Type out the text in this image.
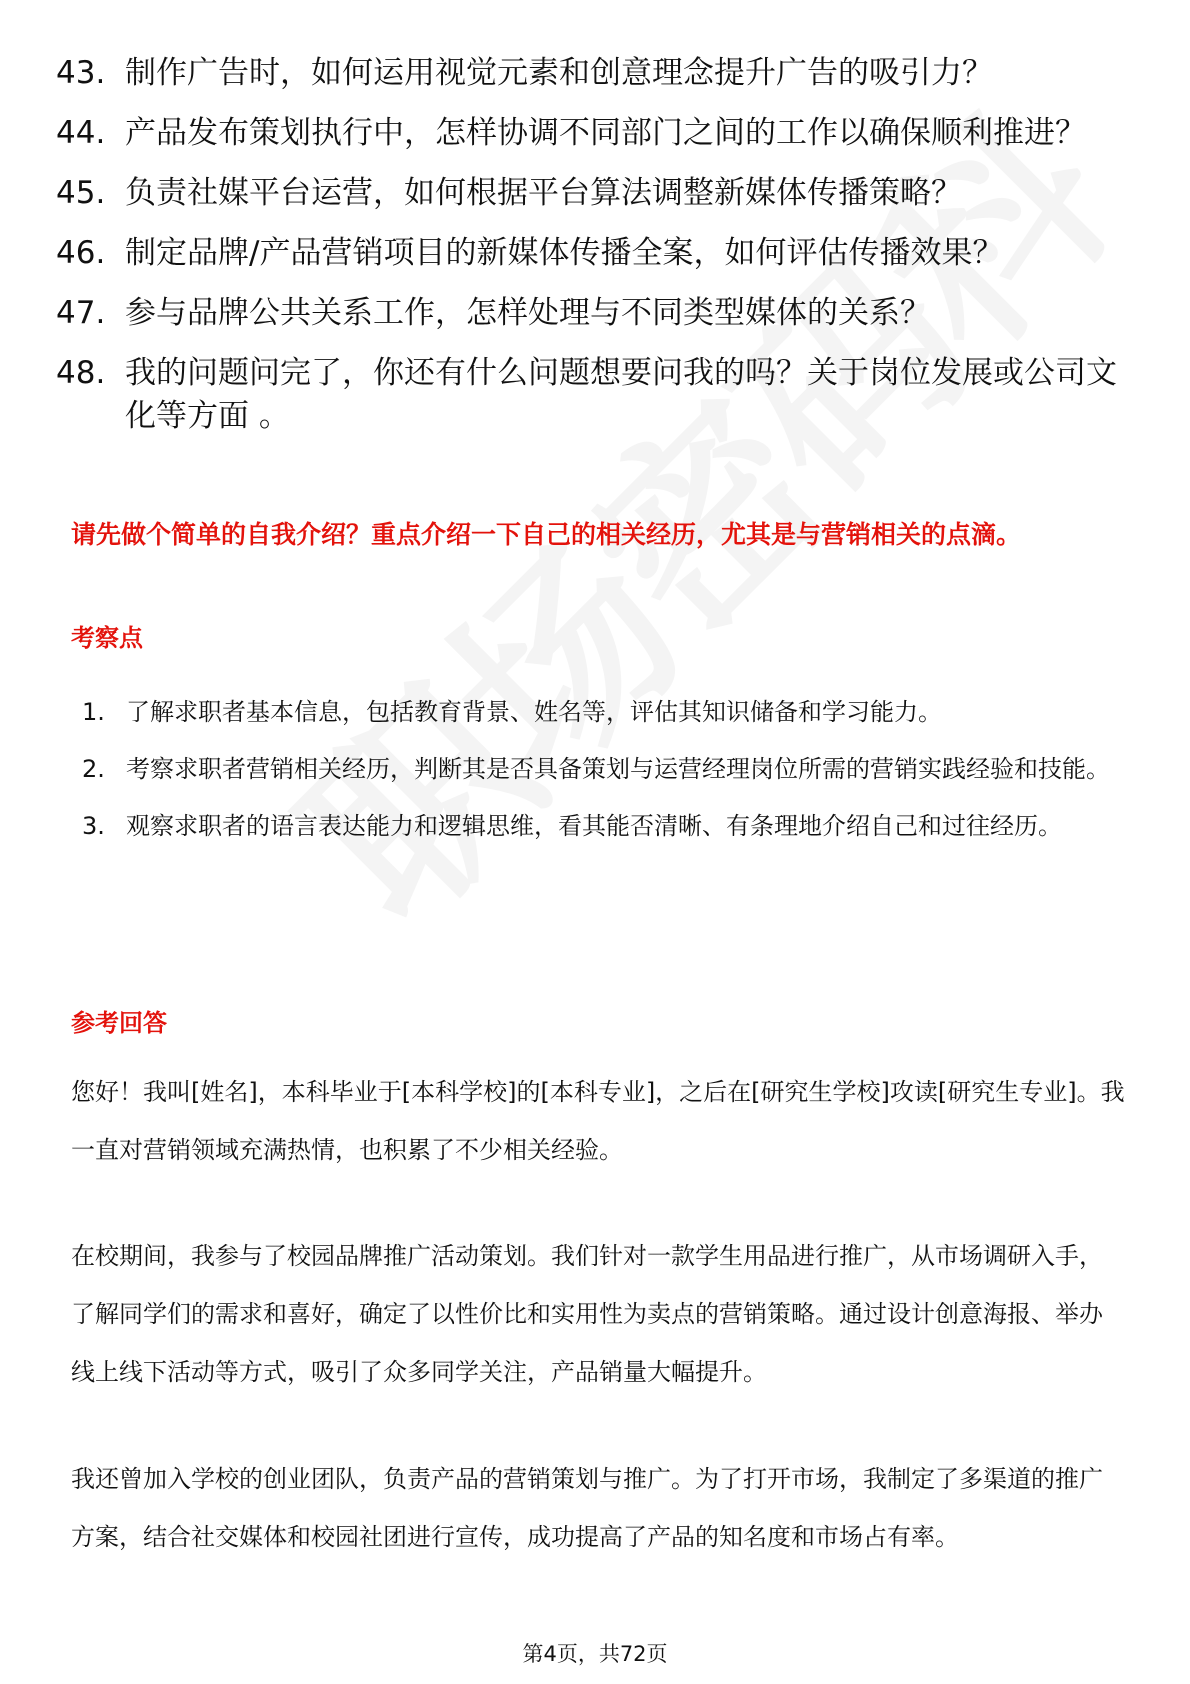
43. 制作广告时，如何运用视觉元素和创意理念提升广告的吸引力？
44. 产品发布策划执行中，怎样协调不同部门之间的工作以确保顺利推进？
45. 负责社媒平台运营，如何根据平台算法调整新媒体传播策略？
46. 制定品牌/产品营销项目的新媒体传播全案，如何评估传播效果？
47. 参与品牌公共关系工作，怎样处理与不同类型媒体的关系？
48. 我的问题问完了，你还有什么问题想要问我的吗？关于岗位发展或公司文化等方面 。
请先做个简单的自我介绍？重点介绍一下自己的相关经历，尤其是与营销相关的点滴。
考察点
1. 了解求职者基本信息，包括教育背景、姓名等，评估其知识储备和学习能力。
2. 考察求职者营销相关经历，判断其是否具备策划与运营经理岗位所需的营销实践经验和技能。
3. 观察求职者的语言表达能力和逻辑思维，看其能否清晰、有条理地介绍自己和过往经历。
参考回答
您好！我叫[姓名]，本科毕业于[本科学校]的[本科专业]，之后在[研究生学校]攻读[研究生专业]。我一直对营销领域充满热情，也积累了不少相关经验。
在校期间，我参与了校园品牌推广活动策划。我们针对一款学生用品进行推广，从市场调研入手，了解同学们的需求和喜好，确定了以性价比和实用性为卖点的营销策略。通过设计创意海报、举办线上线下活动等方式，吸引了众多同学关注，产品销量大幅提升。
我还曾加入学校的创业团队，负责产品的营销策划与推广。为了打开市场，我制定了多渠道的推广方案，结合社交媒体和校园社团进行宣传，成功提高了产品的知名度和市场占有率。
第4页，共72页
